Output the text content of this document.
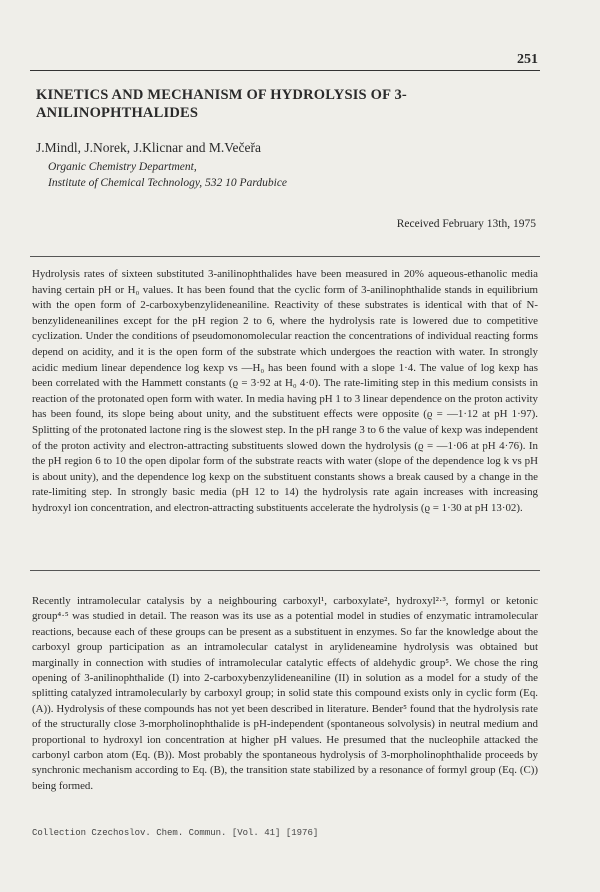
251
KINETICS AND MECHANISM OF HYDROLYSIS OF 3-ANILINOPHTHALIDES
J.Mindl, J.Norek, J.Klicnar and M.Večeřa
Organic Chemistry Department,
Institute of Chemical Technology, 532 10 Pardubice
Received February 13th, 1975

Hydrolysis rates of sixteen substituted 3-anilinophthalides have been measured in 20% aqueous-ethanolic media having certain pH or H₀ values. It has been found that the cyclic form of 3-anilinophthalide stands in equilibrium with the open form of 2-carboxybenzylideneaniline. Reactivity of these substrates is identical with that of N-benzylideneanilines except for the pH region 2 to 6, where the hydrolysis rate is lowered due to competitive cyclization. Under the conditions of pseudomonomolecular reaction the concentrations of individual reacting forms depend on acidity, and it is the open form of the substrate which undergoes the reaction with water. In strongly acidic medium linear dependence log kexp vs —H₀ has been found with a slope 1·4. The value of log kexp has been correlated with the Hammett constants (ϱ = 3·92 at H₀ 4·0). The rate-limiting step in this medium consists in reaction of the protonated open form with water. In media having pH 1 to 3 linear dependence on the proton activity has been found, its slope being about unity, and the substituent effects were opposite (ϱ = —1·12 at pH 1·97). Splitting of the protonated lactone ring is the slowest step. In the pH range 3 to 6 the value of kexp was independent of the proton activity and electron-attracting substituents slowed down the hydrolysis (ϱ = —1·06 at pH 4·76). In the pH region 6 to 10 the open dipolar form of the substrate reacts with water (slope of the dependence log k vs pH is about unity), and the dependence log kexp on the substituent constants shows a break caused by a change in the rate-limiting step. In strongly basic media (pH 12 to 14) the hydrolysis rate again increases with increasing hydroxyl ion concentration, and electron-attracting substituents accelerate the hydrolysis (ϱ = 1·30 at pH 13·02).

Recently intramolecular catalysis by a neighbouring carboxyl¹, carboxylate², hydroxyl²·³, formyl or ketonic group⁴·⁵ was studied in detail. The reason was its use as a potential model in studies of enzymatic intramolecular reactions, because each of these groups can be present as a substituent in enzymes. So far the knowledge about the carboxyl group participation as an intramolecular catalyst in arylideneamine hydrolysis was obtained but marginally in connection with studies of intramolecular catalytic effects of aldehydic group⁵. We chose the ring opening of 3-anilinophthalide (I) into 2-carboxybenzylideneaniline (II) in solution as a model for a study of the splitting catalyzed intramolecularly by carboxyl group; in solid state this compound exists only in cyclic form (Eq. (A)). Hydrolysis of these compounds has not yet been described in literature. Bender⁵ found that the hydrolysis rate of the structurally close 3-morpholinophthalide is pH-independent (spontaneous solvolysis) in neutral medium and proportional to hydroxyl ion concentration at higher pH values. He presumed that the nucleophile attacked the carbonyl carbon atom (Eq. (B)). Most probably the spontaneous hydrolysis of 3-morpholinophthalide proceeds by synchronic mechanism according to Eq. (B), the transition state stabilized by a resonance of formyl group (Eq. (C)) being formed.

Collection Czechoslov. Chem. Commun. [Vol. 41] [1976]
